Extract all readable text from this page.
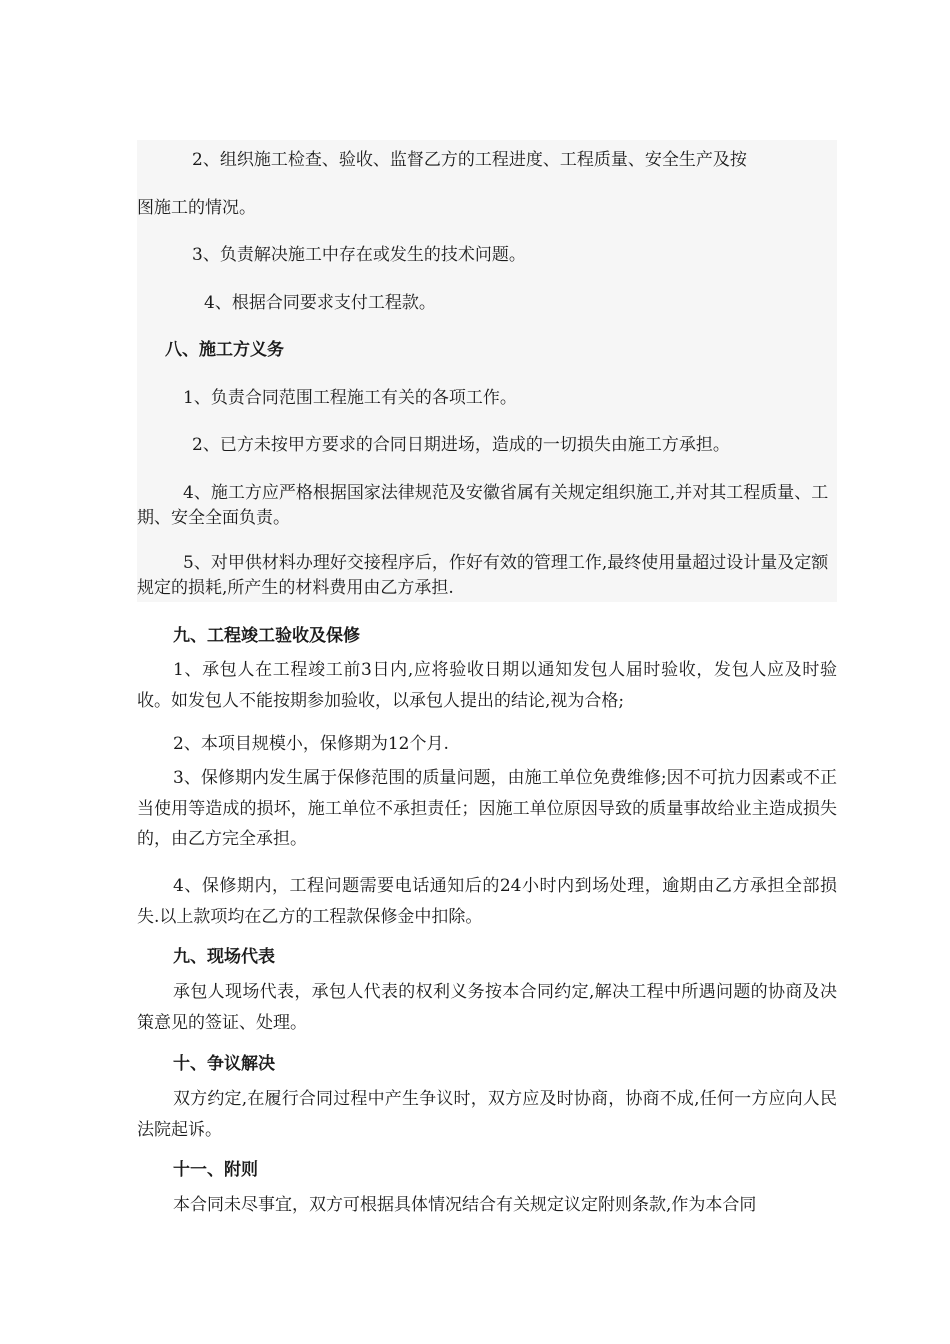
2、组织施工检查、验收、监督乙方的工程进度、工程质量、安全生产及按

图施工的情况。

3、负责解决施工中存在或发生的技术问题。

4、根据合同要求支付工程款。

八、施工方义务

1、负责合同范围工程施工有关的各项工作。

2、已方未按甲方要求的合同日期进场，造成的一切损失由施工方承担。

4、施工方应严格根据国家法律规范及安徽省属有关规定组织施工,并对其工程质量、工期、安全全面负责。

5、对甲供材料办理好交接程序后，作好有效的管理工作,最终使用量超过设计量及定额规定的损耗,所产生的材料费用由乙方承担.

九、工程竣工验收及保修

1、承包人在工程竣工前3日内,应将验收日期以通知发包人届时验收，发包人应及时验收。如发包人不能按期参加验收，以承包人提出的结论,视为合格;

2、本项目规模小，保修期为12个月.

3、保修期内发生属于保修范围的质量问题，由施工单位免费维修;因不可抗力因素或不正当使用等造成的损坏，施工单位不承担责任；因施工单位原因导致的质量事故给业主造成损失的，由乙方完全承担。

4、保修期内，工程问题需要电话通知后的24小时内到场处理，逾期由乙方承担全部损失.以上款项均在乙方的工程款保修金中扣除。

九、现场代表

承包人现场代表，承包人代表的权利义务按本合同约定,解决工程中所遇问题的协商及决策意见的签证、处理。

十、争议解决

双方约定,在履行合同过程中产生争议时，双方应及时协商，协商不成,任何一方应向人民法院起诉。

十一、附则

本合同未尽事宜，双方可根据具体情况结合有关规定议定附则条款,作为本合同
